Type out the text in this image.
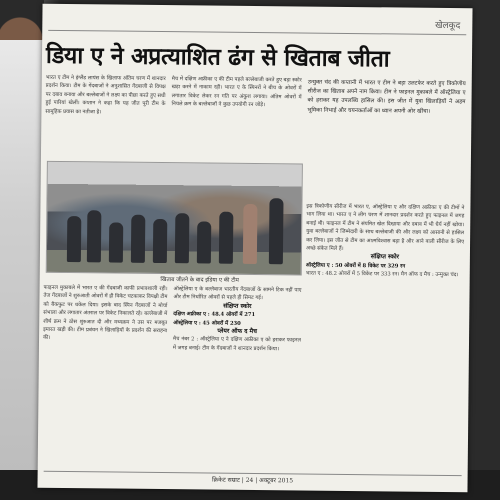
खेलकूद
डिया ए ने अप्रत्याशित ढंग से खिताब जीता

भारत ए टीम ने इंग्लैंड लायंस के खिलाफ अंतिम चरण में शानदार प्रदर्शन किया। टीम के गेंदबाजों ने अनुशासित गेंदबाजी से विपक्ष पर दबाव बनाया और बल्लेबाजों ने लक्ष्य का पीछा करते हुए सधी हुई पारियां खेलीं। कप्तान ने कहा कि यह जीत पूरी टीम के सामूहिक प्रयास का नतीजा है।

मैच में दक्षिण अफ्रीका ए की टीम पहले बल्लेबाजी करते हुए बड़ा स्कोर खड़ा करने में नाकाम रही। भारत ए के स्पिनरों ने बीच के ओवरों में लगातार विकेट लेकर रन गति पर अंकुश लगाया। अंतिम ओवरों में निचले क्रम के बल्लेबाजों ने कुछ उपयोगी रन जोड़े।

उन्मुक्त चंद की कप्तानी में भारत ए टीम ने बड़ा उलटफेर करते हुए त्रिकोणीय सीरीज का खिताब अपने नाम किया। टीम ने फाइनल मुकाबले में ऑस्ट्रेलिया ए को हराकर यह उपलब्धि हासिल की। इस जीत में युवा खिलाड़ियों ने अहम भूमिका निभाई और चयनकर्ताओं का ध्यान अपनी ओर खींचा।

खिताब जीतने के बाद इंडिया ए की टीम

फाइनल मुकाबले में भारत ए की गेंदबाजी काफी प्रभावशाली रही। तेज गेंदबाजों ने शुरुआती ओवरों में ही विकेट चटकाकर विपक्षी टीम को बैकफुट पर धकेल दिया। इसके बाद स्पिन गेंदबाजों ने मोर्चा संभाला और लगातार अंतराल पर विकेट निकालते रहे। बल्लेबाजी में शीर्ष क्रम ने ठोस शुरुआत दी और मध्यक्रम ने उस पर मजबूत इमारत खड़ी की। टीम प्रबंधन ने खिलाड़ियों के प्रदर्शन की सराहना की।

ऑस्ट्रेलिया ए के बल्लेबाज भारतीय गेंदबाजों के सामने टिक नहीं पाए और टीम निर्धारित ओवरों से पहले ही सिमट गई।

संक्षिप्त स्कोर

दक्षिण अफ्रीका ए : 48.4 ओवरों में 271

ऑस्ट्रेलिया ए : 45 ओवरों में 230

प्लेयर ऑफ द मैच

मैच नंबर 2 : ऑस्ट्रेलिया ए ने दक्षिण अफ्रीका ए को हराकर फाइनल में जगह बनाई। टीम के गेंदबाजों ने शानदार प्रदर्शन किया।

इस त्रिकोणीय सीरीज में भारत ए, ऑस्ट्रेलिया ए और दक्षिण अफ्रीका ए की टीमों ने भाग लिया था। भारत ए ने लीग चरण में शानदार प्रदर्शन करते हुए फाइनल में जगह बनाई थी। फाइनल में टीम ने संयमित खेल दिखाया और दबाव में भी धैर्य नहीं खोया। युवा बल्लेबाजों ने जिम्मेदारी के साथ बल्लेबाजी की और लक्ष्य को आसानी से हासिल कर लिया। इस जीत से टीम का आत्मविश्वास बढ़ा है और आने वाली सीरीज के लिए अच्छे संकेत मिले हैं।

संक्षिप्त स्कोर

ऑस्ट्रेलिया ए : 50 ओवरों में 8 विकेट पर 329 रन

भारत ए : 48.2 ओवरों में 5 विकेट पर 333 रन। मैन ऑफ द मैच : उन्मुक्त चंद।

क्रिकेट सम्राट | 24 | अक्टूबर 2015
